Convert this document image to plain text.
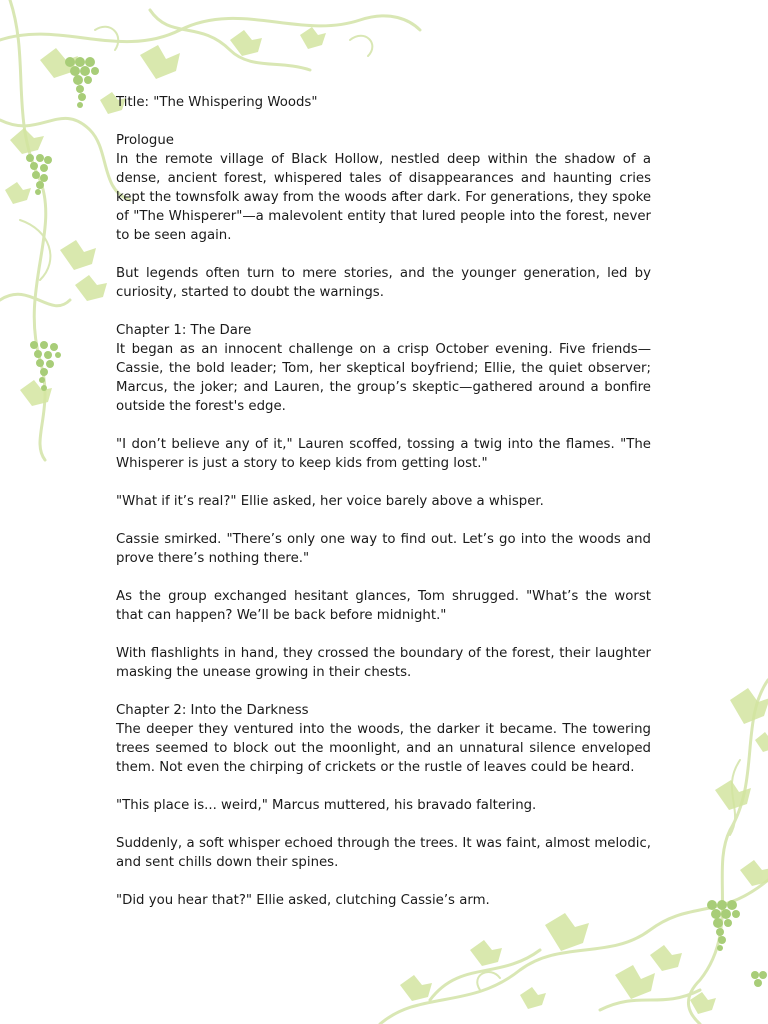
Title: "The Whispering Woods"

Prologue
In the remote village of Black Hollow, nestled deep within the shadow of a dense, ancient forest, whispered tales of disappearances and haunting cries kept the townsfolk away from the woods after dark. For generations, they spoke of "The Whisperer"—a malevolent entity that lured people into the forest, never to be seen again.

But legends often turn to mere stories, and the younger generation, led by curiosity, started to doubt the warnings.

Chapter 1: The Dare
It began as an innocent challenge on a crisp October evening. Five friends—Cassie, the bold leader; Tom, her skeptical boyfriend; Ellie, the quiet observer; Marcus, the joker; and Lauren, the group’s skeptic—gathered around a bonfire outside the forest's edge.

"I don’t believe any of it," Lauren scoffed, tossing a twig into the flames. "The Whisperer is just a story to keep kids from getting lost."

"What if it’s real?" Ellie asked, her voice barely above a whisper.

Cassie smirked. "There’s only one way to find out. Let’s go into the woods and prove there’s nothing there."

As the group exchanged hesitant glances, Tom shrugged. "What’s the worst that can happen? We’ll be back before midnight."

With flashlights in hand, they crossed the boundary of the forest, their laughter masking the unease growing in their chests.

Chapter 2: Into the Darkness
The deeper they ventured into the woods, the darker it became. The towering trees seemed to block out the moonlight, and an unnatural silence enveloped them. Not even the chirping of crickets or the rustle of leaves could be heard.

"This place is... weird," Marcus muttered, his bravado faltering.

Suddenly, a soft whisper echoed through the trees. It was faint, almost melodic, and sent chills down their spines.

"Did you hear that?" Ellie asked, clutching Cassie’s arm.
